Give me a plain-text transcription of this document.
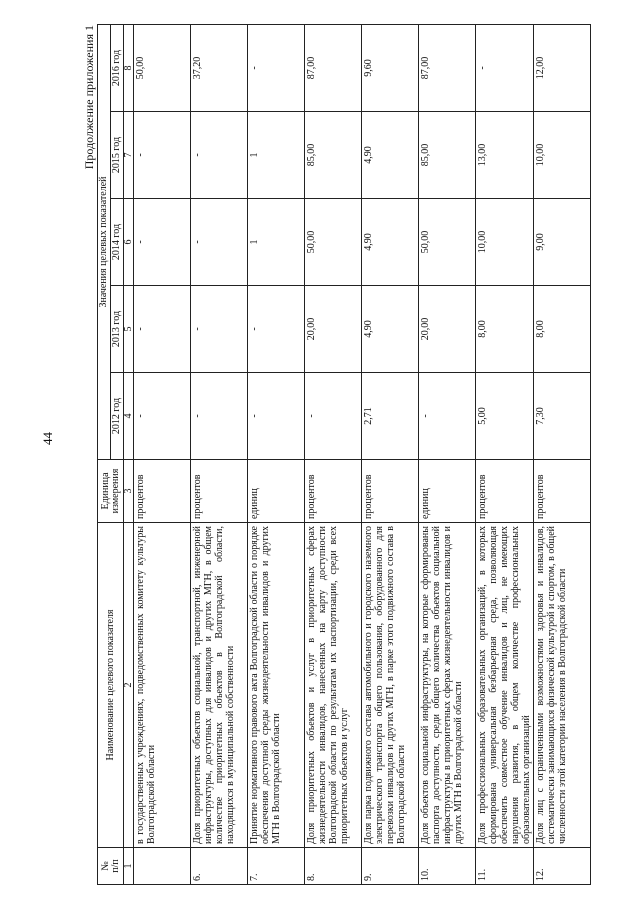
44
Продолжение приложения 1
№
п/п	Наименование целевого показателя	Единица
измерения	Значения целевых показателей				
			2012 год	2013 год	2014 год	2015 год	2016 год
1	2	3	4	5	6	7	8
	в государственных учреждениях, подведомственных комитету культуры Волгоградской области	процентов	-	-	-	-	50,00
6.	Доля приоритетных объектов социальной, транспортной, инженерной инфраструктуры, доступных для инвалидов и других МГН, в общем количестве приоритетных объектов в Волгоградской области, находящихся в муниципальной собственности	процентов	-	-	-	-	37,20
7.	Принятие нормативного правового акта Волгоградской области о порядке обеспечения доступной среды жизнедеятельности инвалидов и других МГН в Волгоградской области	единиц	-	-	1	1	-
8.	Доля приоритетных объектов и услуг в приоритетных сферах жизнедеятельности инвалидов, нанесенных на карту доступности Волгоградской области по результатам их паспортизации, среди всех приоритетных объектов и услуг	процентов	-	20,00	50,00	85,00	87,00
9.	Доля парка подвижного состава автомобильного и городского наземного электрического транспорта общего пользования, оборудованного для перевозки инвалидов и других МГН, в парке этого подвижного состава в Волгоградской области	процентов	2,71	4,90	4,90	4,90	9,60
10.	Доля объектов социальной инфраструктуры, на которые сформированы паспорта доступности, среди общего количества объектов социальной инфраструктуры в приоритетных сферах жизнедеятельности инвалидов и других МГН в Волгоградской области	единиц	-	20,00	50,00	85,00	87,00
11.	Доля профессиональных образовательных организаций, в которых сформирована универсальная безбарьерная среда, позволяющая обеспечить совместное обучение инвалидов и лиц, не имеющих нарушения развития, в общем количестве профессиональных образовательных организаций	процентов	5,00	8,00	10,00	13,00	-
12.	Доля лиц с ограниченными возможностями здоровья и инвалидов, систематически занимающихся физической культурой и спортом, в общей численности этой категории населения в Волгоградской области	процентов	7,30	8,00	9,00	10,00	12,00
